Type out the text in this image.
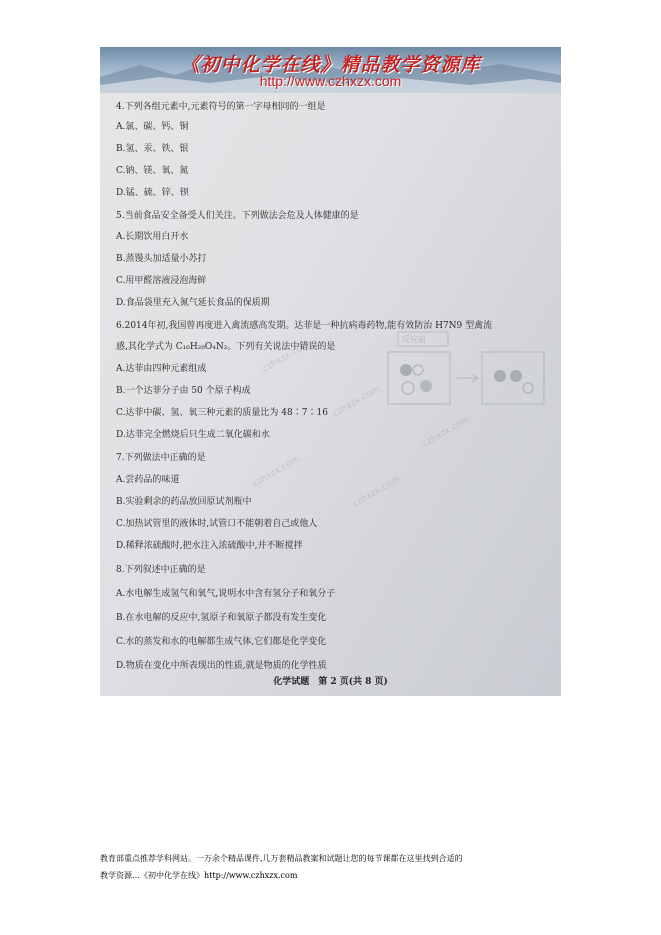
《初中化学在线》精品教学资源库
http://www.czhxzx.com
4.下列各组元素中,元素符号的第一字母相同的一组是
A.氯、碳、钙、铜
B.氢、汞、铁、银
C.钠、镁、氧、氮
D.锰、硫、锌、钡
5.当前食品安全备受人们关注。下列做法会危及人体健康的是
A.长期饮用白开水
B.蒸馒头加适量小苏打
C.用甲醛溶液浸泡海鲜
D.食品袋里充入氮气延长食品的保质期
6.2014年初,我国曾再度进入禽流感高发期。达菲是一种抗病毒药物,能有效防治 H7N9 型禽流
感,其化学式为 C₁₆H₂₈O₄N₂。下列有关说法中错误的是
A.达菲由四种元素组成
B.一个达菲分子由 50 个原子构成
C.达菲中碳、氢、氧三种元素的质量比为 48∶7∶16
D.达菲完全燃烧后只生成二氧化碳和水
反应前
7.下列做法中正确的是
A.尝药品的味道
B.实验剩余的药品放回原试剂瓶中
C.加热试管里的液体时,试管口不能朝着自己或他人
D.稀释浓硫酸时,把水注入浓硫酸中,并不断搅拌
8.下列叙述中正确的是
A.水电解生成氢气和氧气,说明水中含有氢分子和氧分子
B.在水电解的反应中,氢原子和氧原子都没有发生变化
C.水的蒸发和水的电解都生成气体,它们都是化学变化
D.物质在变化中所表现出的性质,就是物质的化学性质
czhxzx.com
czhxzx.com
czhxzx.com
czhxzx.com
czhxzx.com
化学试题　第 2 页(共 8 页)
教育部重点推荐学科网站。一万余个精品课件,几万套精品教案和试题让您的每节课都在这里找到合适的
教学资源…《初中化学在线》http://www.czhxzx.com
